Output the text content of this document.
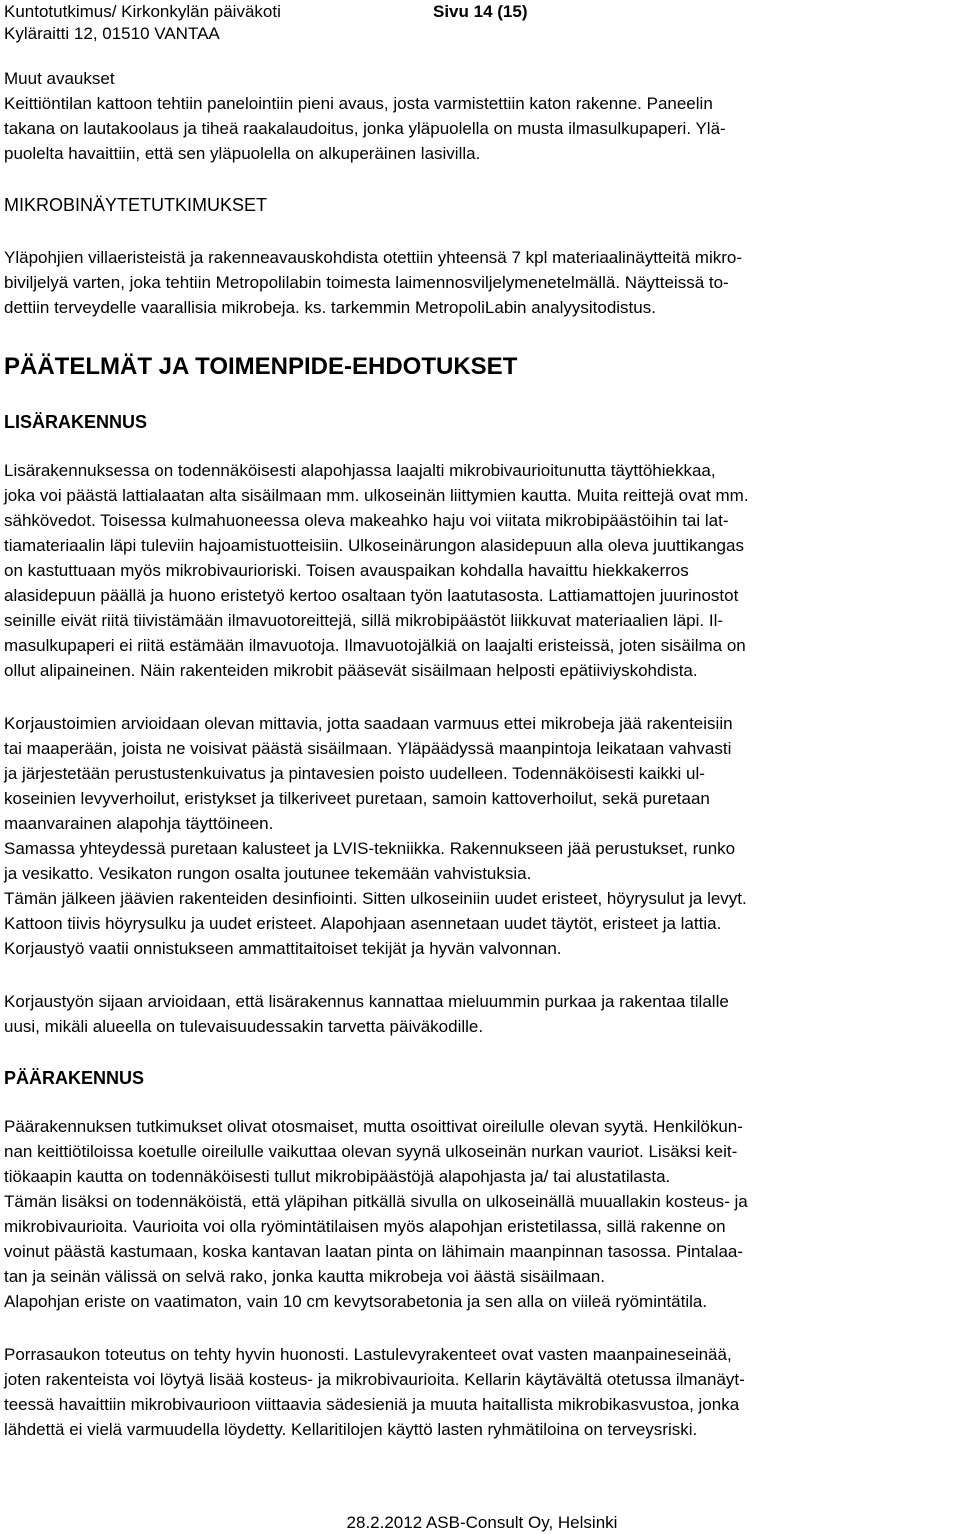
Kuntotutkimus/ Kirkonkylän päiväkoti	Sivu 14 (15)
Kyläraitti 12, 01510 VANTAA
Muut avaukset
Keittiöntilan kattoon tehtiin panelointiin pieni avaus, josta varmistettiin katon rakenne. Paneelin
takana on lautakoolaus ja tiheä raakalaudoitus, jonka yläpuolella on musta ilmasulkupaperi. Ylä-
puolelta havaittiin, että sen yläpuolella on alkuperäinen lasivilla.
MIKROBINÄYTETUTKIMUKSET
Yläpohjien villaeristeistä ja rakenneavauskohdista otettiin yhteensä 7 kpl materiaalinäytteitä mikro-
biviljelyä varten, joka tehtiin Metropolilabin toimesta laimennosviljelymenetelmällä. Näytteissä to-
dettiin terveydelle vaarallisia mikrobeja. ks. tarkemmin MetropoliLabin analyysitodistus.
PÄÄTELMÄT JA TOIMENPIDE-EHDOTUKSET
LISÄRAKENNUS
Lisärakennuksessa on todennäköisesti alapohjassa laajalti mikrobivaurioitunutta täyttöhiekkaa,
joka voi päästä lattialaatan alta sisäilmaan mm. ulkoseinän liittymien kautta. Muita reittejä ovat mm.
sähkövedot. Toisessa kulmahuoneessa oleva makeahko haju voi viitata mikrobipäästöihin tai lat-
tiamateriaalin läpi tuleviin hajoamistuotteisiin. Ulkoseinärungon alasidepuun alla oleva juuttikangas
on kastuttuaan myös mikrobivaurioriski. Toisen avauspaikan kohdalla havaittu hiekkakerros
alasidepuun päällä ja huono eristetyö kertoo osaltaan työn laatutasosta. Lattiamattojen juurinostot
seinille eivät riitä tiivistämään ilmavuotoreittejä, sillä mikrobipäästöt liikkuvat materiaalien läpi. Il-
masulkupaperi ei riitä estämään ilmavuotoja. Ilmavuotojälkiä on laajalti eristeissä, joten sisäilma on
ollut alipaineinen. Näin rakenteiden mikrobit pääsevät sisäilmaan helposti epätiiviyskohdista.
Korjaustoimien arvioidaan olevan mittavia, jotta saadaan varmuus ettei mikrobeja jää rakenteisiin
tai maaperään, joista ne voisivat päästä sisäilmaan. Yläpäädyssä maanpintoja leikataan vahvasti
ja järjestetään perustustenkuivatus ja pintavesien poisto uudelleen. Todennäköisesti kaikki ul-
koseinien levyverhoilut, eristykset ja tilkeriveet puretaan, samoin kattoverhoilut, sekä puretaan
maanvarainen alapohja täyttöineen.
Samassa yhteydessä puretaan kalusteet ja LVIS-tekniikka. Rakennukseen jää perustukset, runko
ja vesikatto. Vesikaton rungon osalta joutunee tekemään vahvistuksia.
Tämän jälkeen jäävien rakenteiden desinfiointi. Sitten ulkoseiniin uudet eristeet, höyrysulut ja levyt.
Kattoon tiivis höyrysulku ja uudet eristeet. Alapohjaan asennetaan uudet täytöt, eristeet ja lattia.
Korjaustyö vaatii onnistukseen ammattitaitoiset tekijät ja hyvän valvonnan.
Korjaustyön sijaan arvioidaan, että lisärakennus kannattaa mieluummin purkaa ja rakentaa tilalle
uusi, mikäli alueella on tulevaisuudessakin tarvetta päiväkodille.
PÄÄRAKENNUS
Päärakennuksen tutkimukset olivat otosmaiset, mutta osoittivat oireilulle olevan syytä. Henkilökun-
nan keittiötiloissa koetulle oireilulle vaikuttaa olevan syynä ulkoseinän nurkan vauriot. Lisäksi keit-
tiökaapin kautta on todennäköisesti tullut mikrobipäästöjä alapohjasta ja/ tai alustatilasta.
Tämän lisäksi on todennäköistä, että yläpihan pitkällä sivulla on ulkoseinällä muuallakin kosteus- ja
mikrobivaurioita. Vaurioita voi olla ryömintätilaisen myös alapohjan eristetilassa, sillä rakenne on
voinut päästä kastumaan, koska kantavan laatan pinta on lähimain maanpinnan tasossa. Pintalaa-
tan ja seinän välissä on selvä rako, jonka kautta mikrobeja voi äästä sisäilmaan.
Alapohjan eriste on vaatimaton, vain 10 cm kevytsorabetonia ja sen alla on viileä ryömintätila.
Porrasaukon toteutus on tehty hyvin huonosti. Lastulevyrakenteet ovat vasten maanpaineseinää,
joten rakenteista voi löytyä lisää kosteus- ja mikrobivaurioita. Kellarin käytävältä otetussa ilmanäyt-
teessä havaittiin mikrobivaurioon viittaavia sädesieniä ja muuta haitallista mikrobikasvustoa, jonka
lähdettä ei vielä varmuudella löydetty. Kellaritilojen käyttö lasten ryhmätiloina on terveysriski.
28.2.2012 ASB-Consult Oy, Helsinki
